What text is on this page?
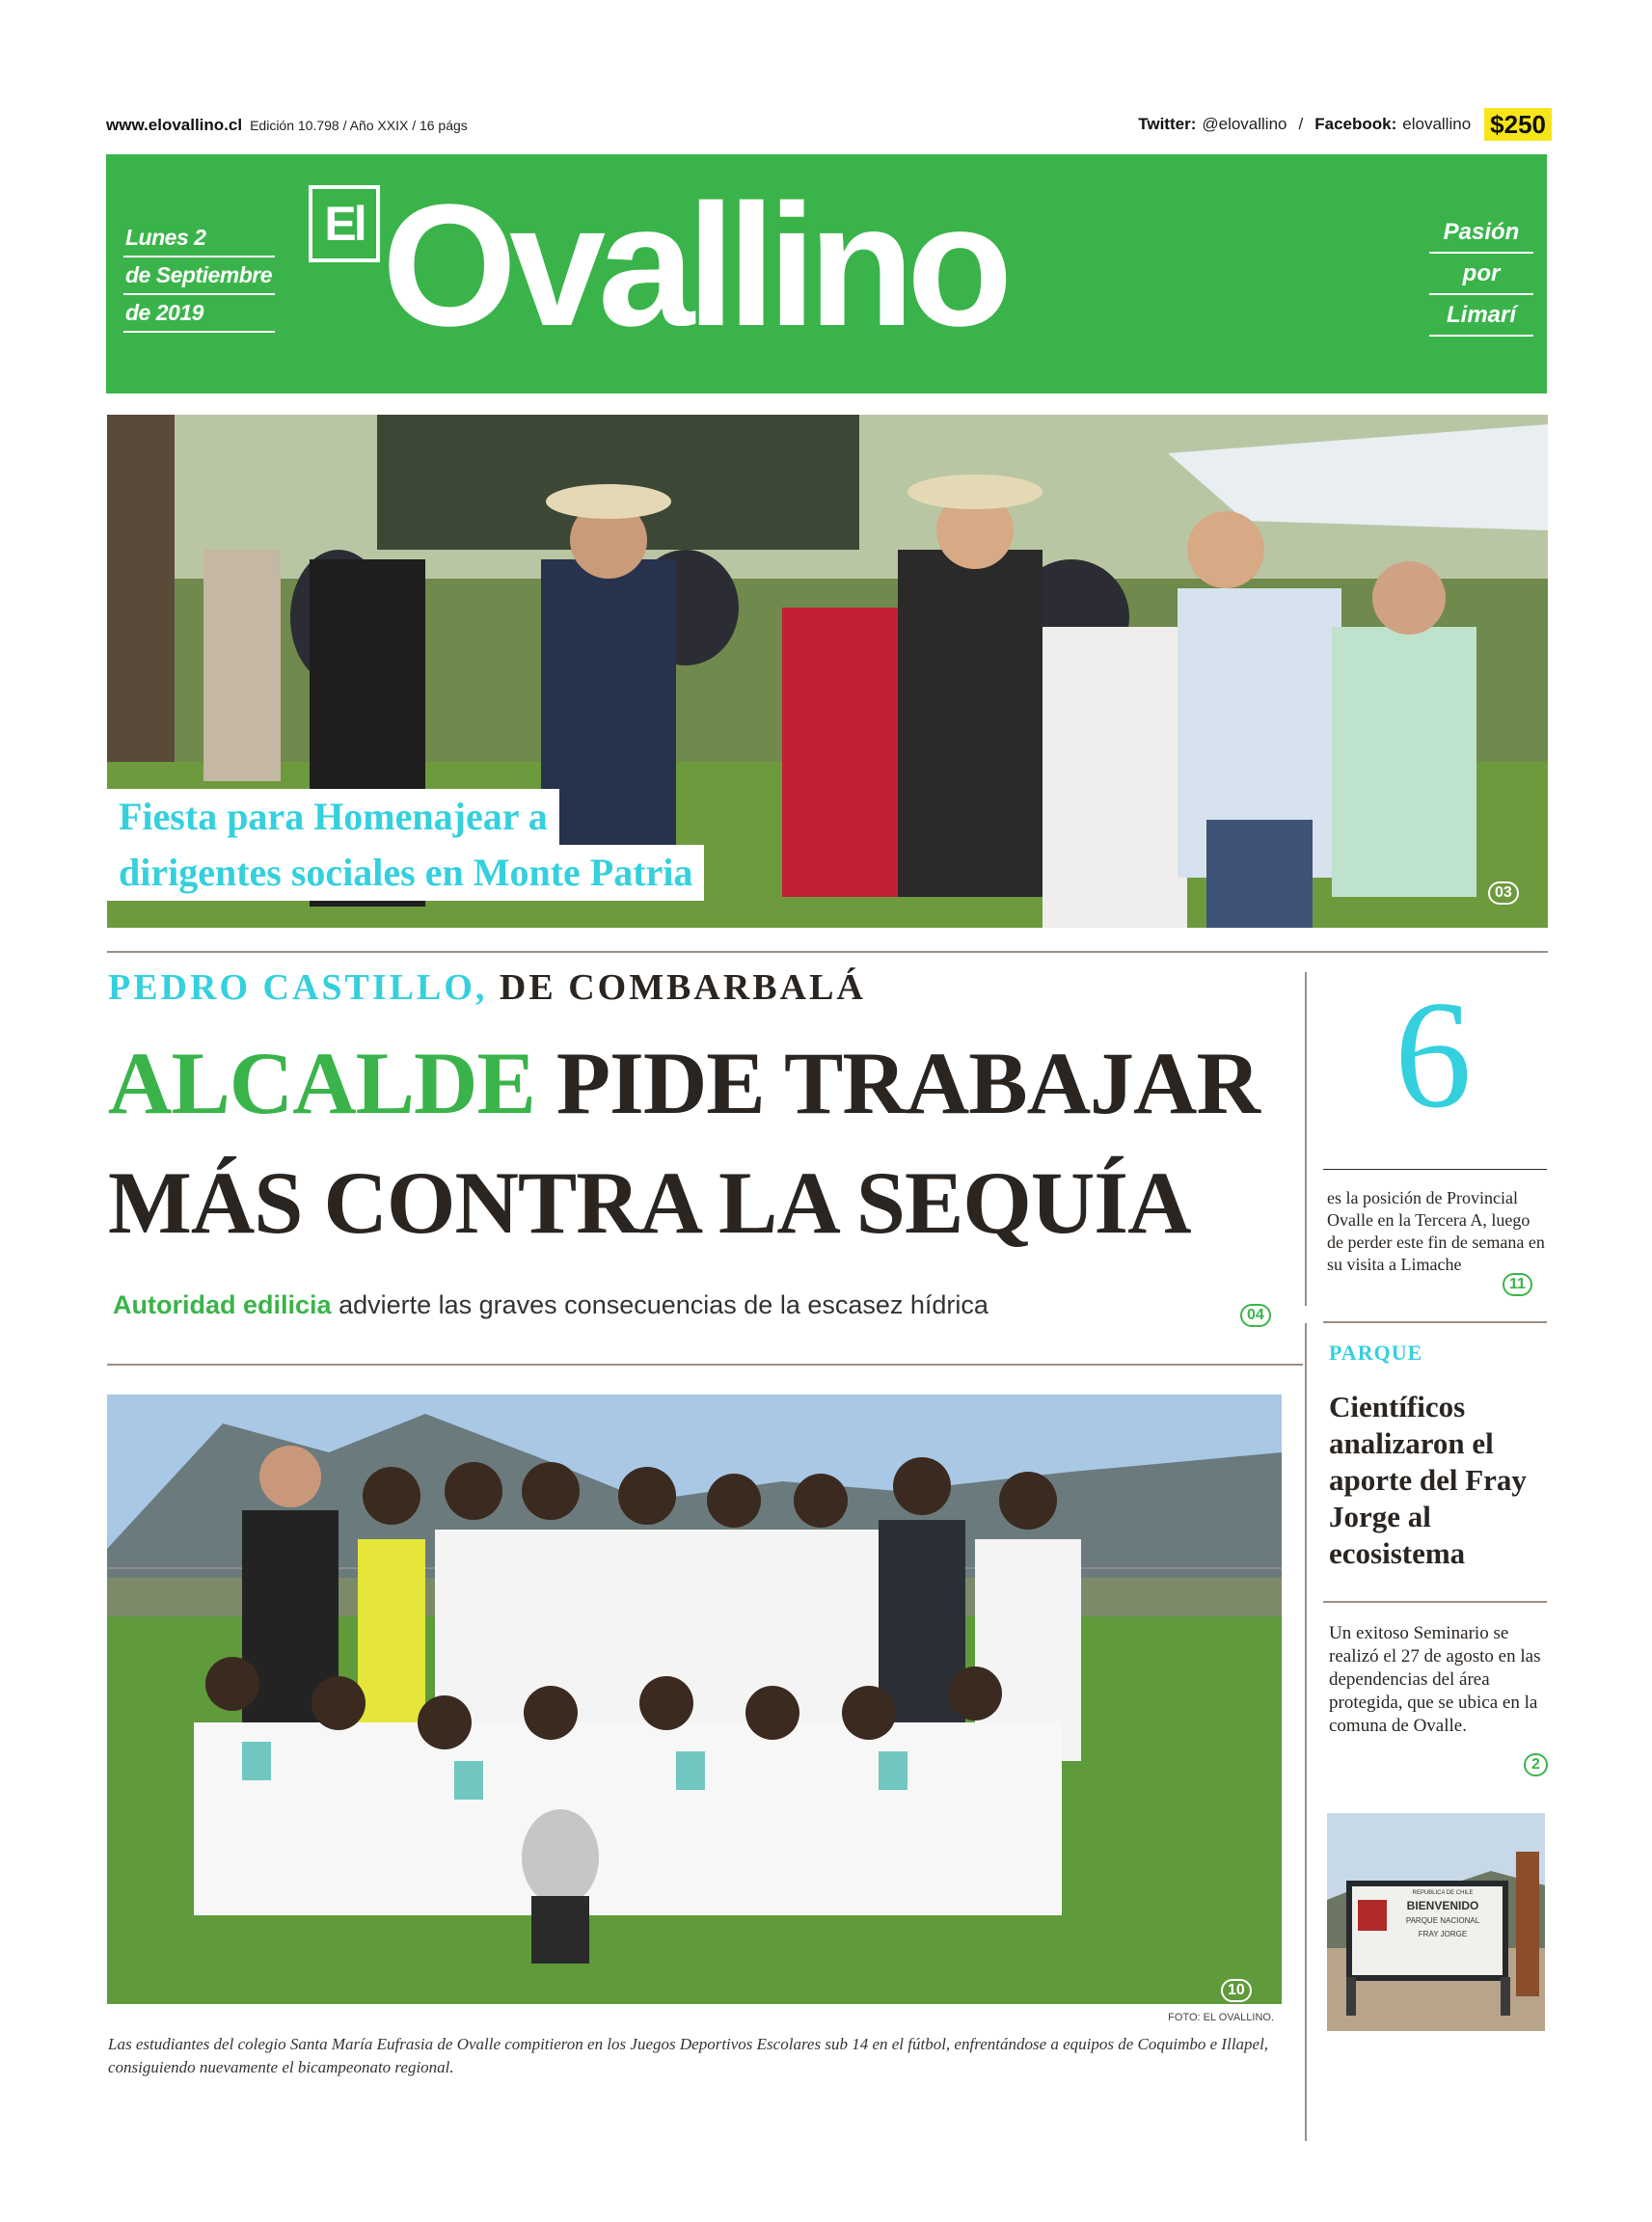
www.elovallino.cl Edición 10.798 / Año XXIX / 16 págs	Twitter: @elovallino / Facebook: elovallino $250
Lunes 2
de Septiembre
de 2019
El Ovallino	Pasión
por
Limarí
Fiesta para Homenajear a
dirigentes sociales en Monte Patria	03
PEDRO CASTILLO, DE COMBARBALÁ
ALCALDE PIDE TRABAJAR
MÁS CONTRA LA SEQUÍA
Autoridad edilicia advierte las graves consecuencias de la escasez hídrica	04
10
FOTO: EL OVALLINO.
Las estudiantes del colegio Santa María Eufrasia de Ovalle compitieron en los Juegos Deportivos Escolares sub 14 en el fútbol, enfrentándose a equipos de Coquimbo e Illapel, consiguiendo nuevamente el bicampeonato regional.
6
es la posición de Provincial Ovalle en la Tercera A, luego de perder este fin de semana en su visita a Limache
11
PARQUE
Científicos analizaron el aporte del Fray Jorge al ecosistema
Un exitoso Seminario se realizó el 27 de agosto en las dependencias del área protegida, que se ubica en la comuna de Ovalle.
2
REPUBLICA DE CHILE
BIENVENIDO
PARQUE NACIONAL
FRAY JORGE
